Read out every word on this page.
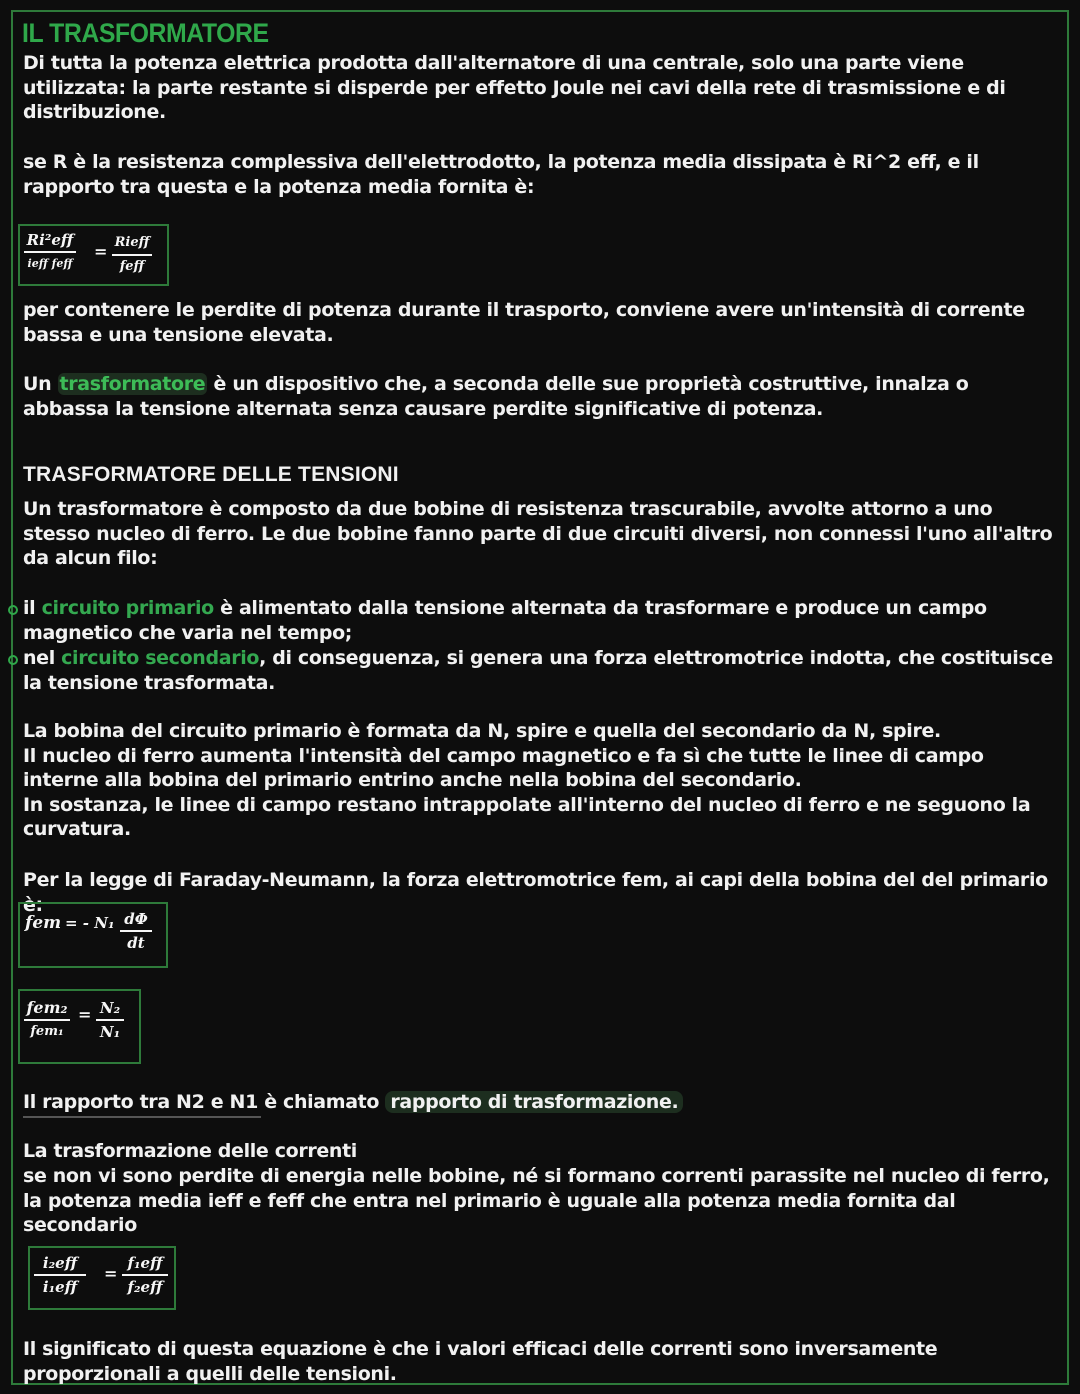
IL TRASFORMATORE
Di tutta la potenza elettrica prodotta dall'alternatore di una centrale, solo una parte viene utilizzata: la parte restante si disperde per effetto Joule nei cavi della rete di trasmissione e di distribuzione.
se R è la resistenza complessiva dell'elettrodotto, la potenza media dissipata è Ri^2 eff, e il rapporto tra questa e la potenza media fornita è:
Ri²eff
ieff feff
= Rieff
feff
per contenere le perdite di potenza durante il trasporto, conviene avere un'intensità di corrente bassa e una tensione elevata.
Un trasformatore è un dispositivo che, a seconda delle sue proprietà costruttive, innalza o abbassa la tensione alternata senza causare perdite significative di potenza.
TRASFORMATORE DELLE TENSIONI
Un trasformatore è composto da due bobine di resistenza trascurabile, avvolte attorno a uno stesso nucleo di ferro. Le due bobine fanno parte di due circuiti diversi, non connessi l'uno all'altro da alcun filo:
il circuito primario è alimentato dalla tensione alternata da trasformare e produce un campo magnetico che varia nel tempo;
nel circuito secondario, di conseguenza, si genera una forza elettromotrice indotta, che costituisce la tensione trasformata.
La bobina del circuito primario è formata da N, spire e quella del secondario da N, spire.
Il nucleo di ferro aumenta l'intensità del campo magnetico e fa sì che tutte le linee di campo interne alla bobina del primario entrino anche nella bobina del secondario.
In sostanza, le linee di campo restano intrappolate all'interno del nucleo di ferro e ne seguono la curvatura.
Per la legge di Faraday-Neumann, la forza elettromotrice fem, ai capi della bobina del del primario è:
fem = - N₁ dΦ
dt
fem₂
fem₁
= N₂
N₁
Il rapporto tra N2 e N1 è chiamato rapporto di trasformazione.
La trasformazione delle correnti
se non vi sono perdite di energia nelle bobine, né si formano correnti parassite nel nucleo di ferro, la potenza media ieff e feff che entra nel primario è uguale alla potenza media fornita dal secondario
i₂eff
i₁eff
=
f₁eff
f₂eff
Il significato di questa equazione è che i valori efficaci delle correnti sono inversamente proporzionali a quelli delle tensioni.
